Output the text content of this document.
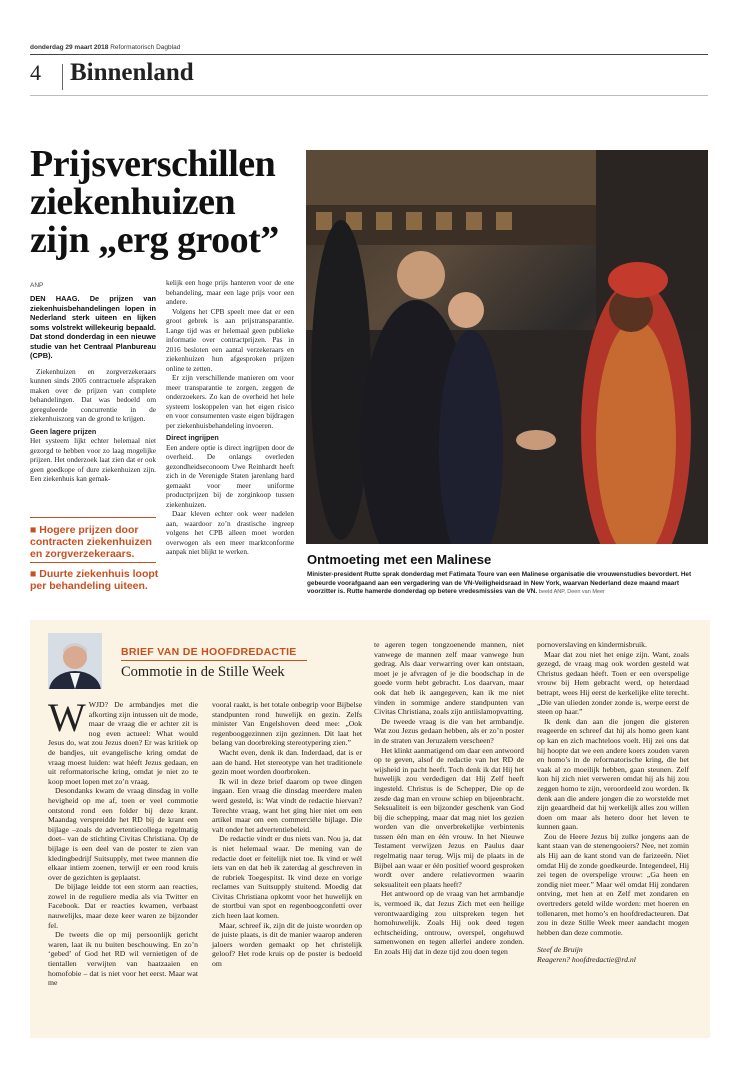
donderdag 29 maart 2018 Reformatorisch Dagblad
4 Binnenland
Prijsverschillen
ziekenhuizen
zijn „erg groot”
ANP
DEN HAAG. De prijzen van ziekenhuisbehandelingen lopen in Nederland sterk uiteen en lijken soms volstrekt willekeurig bepaald. Dat stond donderdag in een nieuwe studie van het Centraal Planbureau (CPB).

Ziekenhuizen en zorgverzekeraars kunnen sinds 2005 contractuele afspraken maken over de prijzen van complete behandelingen. Dat was bedoeld om gereguleerde concurrentie in de ziekenhuiszorg van de grond te krijgen.

Geen lagere prijzen

Het systeem lijkt echter helemaal niet gezorgd te hebben voor zo laag mogelijke prijzen. Het onderzoek laat zien dat er ook geen goedkope of dure ziekenhuizen zijn. Een ziekenhuis kan gemak-

■ Hogere prijzen door contracten ziekenhuizen en zorgverzekeraars.
■ Duurte ziekenhuis loopt per behandeling uiteen.

kelijk een hoge prijs hanteren voor de ene behandeling, maar een lage prijs voor een andere.

Volgens het CPB speelt mee dat er een groot gebrek is aan prijstransparantie. Lange tijd was er helemaal geen publieke informatie over contractprijzen. Pas in 2016 besloten een aantal verzekeraars en ziekenhuizen hun afgesproken prijzen online te zetten.

Er zijn verschillende manieren om voor meer transparantie te zorgen, zeggen de onderzoekers. Zo kan de overheid het hele systeem loskoppelen van het eigen risico en voor consumenten vaste eigen bijdragen per ziekenhuisbehandeling invoeren.

Direct ingrijpen

Een andere optie is direct ingrijpen door de overheid. De onlangs overleden gezondheidseconoom Uwe Reinhardt heeft zich in de Verenigde Staten jarenlang hard gemaakt voor meer uniforme productprijzen bij de zorginkoop tussen ziekenhuizen.

Daar kleven echter ook weer nadelen aan, waardoor zo’n drastische ingreep volgens het CPB alleen moet worden overwogen als een meer marktconforme aanpak niet blijkt te werken.

Ontmoeting met een Malinese
Minister-president Rutte sprak donderdag met Fatimata Toure van een Malinese organisatie die vrouwenstudies bevordert. Het gebeurde voorafgaand aan een vergadering van de VN-Veiligheidsraad in New York, waarvan Nederland deze maand maart voorzitter is. Rutte hamerde donderdag op betere vredesmissies van de VN. beeld ANP, Deen van Meer
BRIEF VAN DE HOOFDREDACTIE
Commotie in de Stille Week
W WJD? De armbandjes met die afkorting zijn intussen uit de mode, maar de vraag die er achter zit is nog even actueel: What would Jesus do, wat zou Jezus doen? Er was kritiek op de bandjes, uit evangelische kring omdat de vraag moest luiden: wat héeft Jezus gedaan, en uit reformatorische kring, omdat je niet zo te koop moet lopen met zo’n vraag.

Desondanks kwam de vraag dinsdag in volle hevigheid op me af, toen er veel commotie ontstond rond een folder bij deze krant. Maandag verspreidde het RD bij de krant een bijlage –zoals de advertentiecollega regelmatig doet– van de stichting Civitas Christiana. Op de bijlage is een deel van de poster te zien van kledingbedrijf Suitsupply, met twee mannen die elkaar intiem zoenen, terwijl er een rood kruis over de gezichten is geplaatst.

De bijlage leidde tot een storm aan reacties, zowel in de reguliere media als via Twitter en Facebook. Dat er reacties kwamen, verbaast nauwelijks, maar deze keer waren ze bijzonder fel.

De tweets die op mij persoonlijk gericht waren, laat ik nu buiten beschouwing. En zo’n ‘gebed’ of God het RD wil vernietigen of de tientallen verwijten van haatzaaien en homofobie – dat is niet voor het eerst. Maar wat me

vooral raakt, is het totale onbegrip voor Bijbelse standpunten rond huwelijk en gezin. Zelfs minister Van Engelshoven deed mee: „Ook regenbooggezinnen zijn gezinnen. Dit laat het belang van doorbreking stereotypering zien.”

Wacht even, denk ik dan. Inderdaad, dat is er aan de hand. Het stereotype van het traditionele gezin moet worden doorbroken.

Ik wil in deze brief daarom op twee dingen ingaan. Een vraag die dinsdag meerdere malen werd gesteld, is: Wat vindt de redactie hiervan? Terechte vraag, want het ging hier niet om een artikel maar om een commerciële bijlage. Die valt onder het advertentiebeleid.

De redactie vindt er dus niets van. Nou ja, dat is niet helemaal waar. De mening van de redactie doet er feitelijk niet toe. Ik vind er wél iets van en dat heb ik zaterdag al geschreven in de rubriek Toegespitst. Ik vind deze en vorige reclames van Suitsupply stuitend. Moedig dat Civitas Christiana opkomt voor het huwelijk en de stortbui van spot en regenboogconfetti over zich heen laat komen.

Maar, schreef ik, zijn dit de juiste woorden op de juiste plaats, is dit de manier waarop anderen jaloers worden gemaakt op het christelijk geloof? Het rode kruis op de poster is bedoeld om

te ageren tegen tongzoenende mannen, niet vanwege de mannen zelf maar vanwege hun gedrag. Als daar verwarring over kan ontstaan, moet je je afvragen of je die boodschap in de goede vorm hebt gebracht. Los daarvan, maar ook dat heb ik aangegeven, kan ik me niet vinden in sommige andere standpunten van Civitas Christiana, zoals zijn antiislamopvatting.

De tweede vraag is die van het armbandje. Wat zou Jezus gedaan hebben, als er zo’n poster in de straten van Jeruzalem verscheen?

Het klinkt aanmatigend om daar een antwoord op te geven, alsof de redactie van het RD de wijsheid in pacht heeft. Toch denk ik dat Hij het huwelijk zou verdedigen dat Hij Zelf heeft ingesteld. Christus is de Schepper, Die op de zesde dag man en vrouw schiep en bijeenbracht. Seksualiteit is een bijzonder geschenk van God bij die schepping, maar dat mag niet los gezien worden van die onverbrekelijke verbintenis tussen één man en één vrouw. In het Nieuwe Testament verwijzen Jezus en Paulus daar regelmatig naar terug. Wijs mij de plaats in de Bijbel aan waar er één positief woord gesproken wordt over andere relatievormen waarin seksualiteit een plaats heeft?

Het antwoord op de vraag van het armbandje is, vermoed ik, dat Jezus Zich met een heilige verontwaardiging zou uitspreken tegen het homohuwelijk. Zoals Hij ook deed tegen echtscheiding, ontrouw, overspel, ongehuwd samenwonen en tegen allerlei andere zonden. En zoals Hij dat in deze tijd zou doen tegen

pornoverslaving en kindermisbruik.

Maar dat zou niet het enige zijn. Want, zoals gezegd, de vraag mag ook worden gesteld wat Christus gedaan héeft. Toen er een overspelige vrouw bij Hem gebracht werd, op heterdaad betrapt, wees Hij eerst de kerkelijke elite terecht. „Die van ulieden zonder zonde is, werpe eerst de steen op haar.”

Ik denk dan aan die jongen die gisteren reageerde en schreef dat hij als homo geen kant op kan en zich machteloos voelt. Hij zei ons dat hij hoopte dat we een andere koers zouden varen en homo’s in de reformatorische kring, die het vaak al zo moeilijk hebben, gaan steunen. Zelf kon hij zich niet verweren omdat hij als hij zou zeggen homo te zijn, veroordeeld zou worden. Ik denk aan die andere jongen die zo worstelde met zijn geaardheid dat hij werkelijk alles zou willen doen om maar als hetero door het leven te kunnen gaan.

Zou de Heere Jezus bij zulke jongens aan de kant staan van de stenengooiers? Nee, net zomin als Hij aan de kant stond van de farizeeën. Niet omdat Hij de zonde goedkeurde. Integendeel, Hij zei tegen de overspelige vrouw: „Ga heen en zondig niet meer.” Maar wél omdat Hij zondaren ontving, met hen at en Zelf met zondaren en overtreders geteld wilde worden: met hoeren en tollenaren, met homo’s en hoofdredacteuren. Dat zou in deze Stille Week meer aandacht mogen hebben dan deze commotie.

Steef de Bruijn
Reageren? hoofdredactie@rd.nl
